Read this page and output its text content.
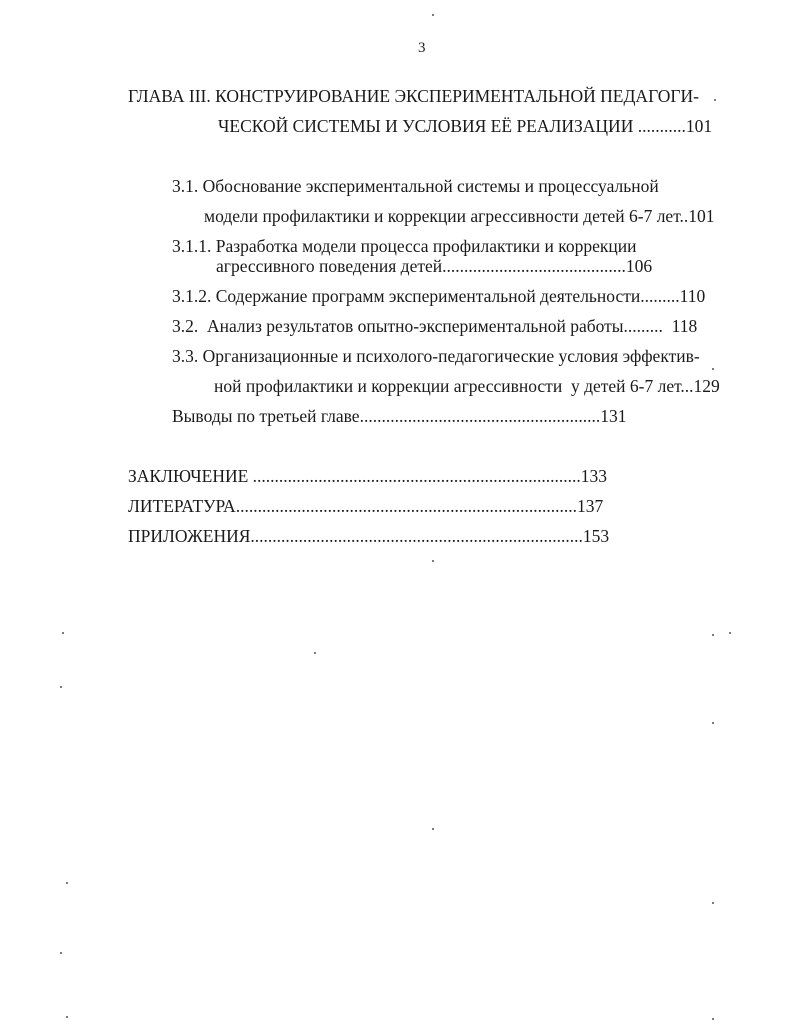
3
ГЛАВА III. КОНСТРУИРОВАНИЕ ЭКСПЕРИМЕНТАЛЬНОЙ ПЕДАГОГИ-
ЧЕСКОЙ СИСТЕМЫ И УСЛОВИЯ ЕЁ РЕАЛИЗАЦИИ ...........101
3.1. Обоснование экспериментальной системы и процессуальной
модели профилактики и коррекции агрессивности детей 6-7 лет..101
3.1.1. Разработка модели процесса профилактики и коррекции
агрессивного поведения детей..........................................106
3.1.2. Содержание программ экспериментальной деятельности.........110
3.2.  Анализ результатов опытно-экспериментальной работы.........  118
3.3. Организационные и психолого-педагогические условия эффектив-
ной профилактики и коррекции агрессивности  у детей 6-7 лет...129
Выводы по третьей главе.......................................................131
ЗАКЛЮЧЕНИЕ ...........................................................................133
ЛИТЕРАТУРА..............................................................................137
ПРИЛОЖЕНИЯ............................................................................153
